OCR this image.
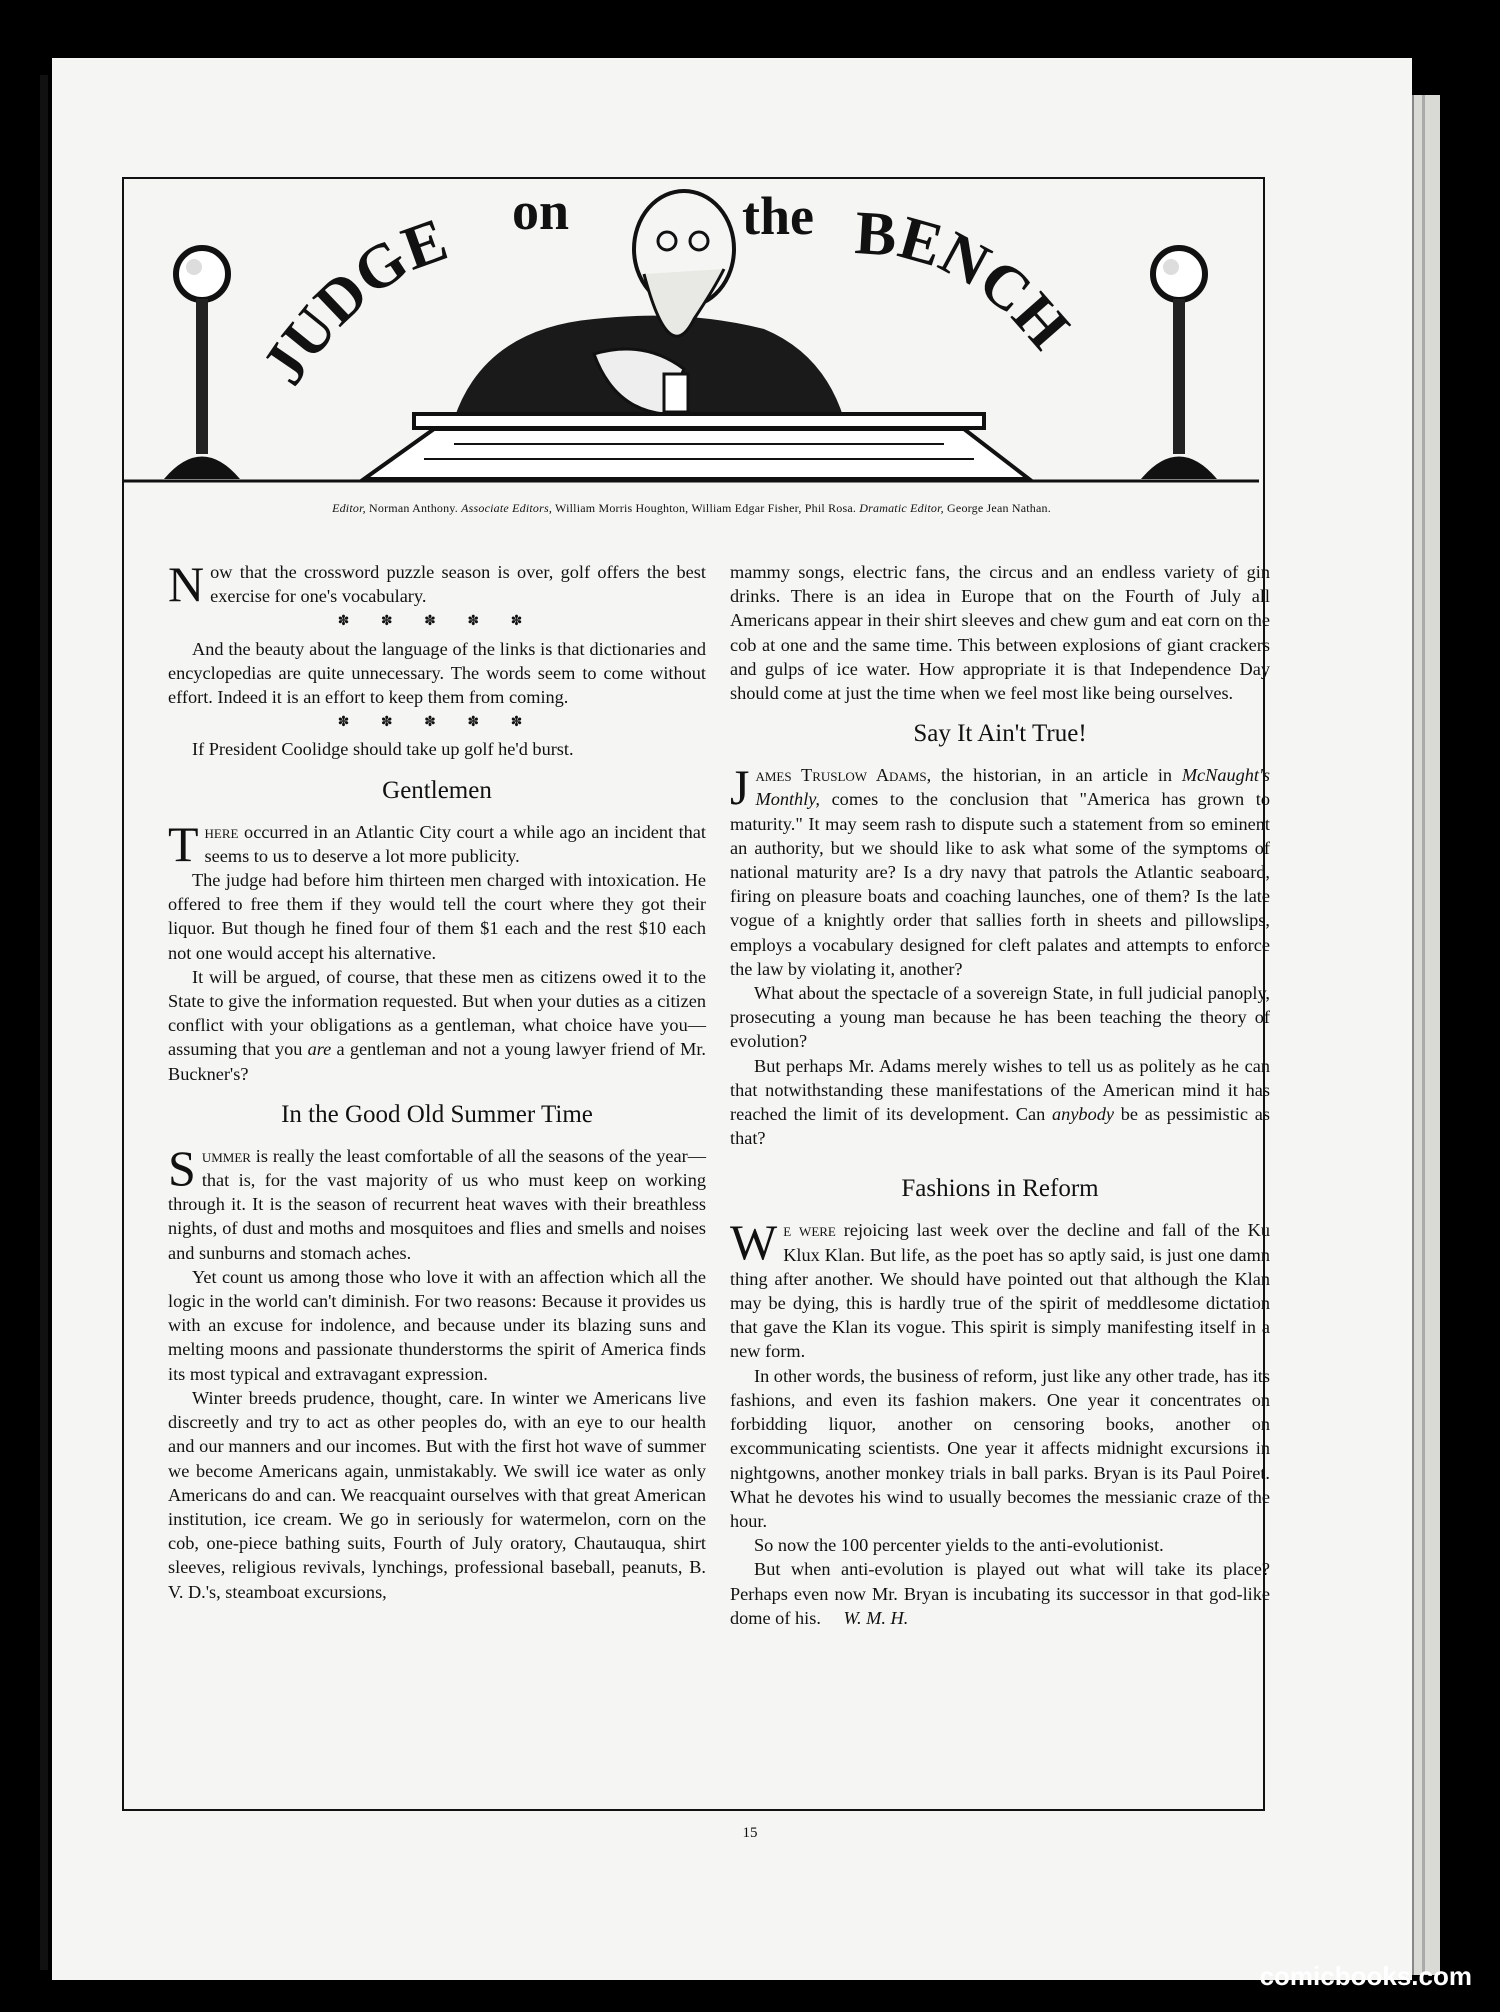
JUDGE on	the BENCH
Editor, Norman Anthony. Associate Editors, William Morris Houghton, William Edgar Fisher, Phil Rosa. Dramatic Editor, George Jean Nathan.

Now that the crossword puzzle season is over, golf offers the best exercise for one's vocabulary.

✽ ✽ ✽ ✽ ✽

And the beauty about the language of the links is that dictionaries and encyclopedias are quite unnecessary. The words seem to come without effort. Indeed it is an effort to keep them from coming.

✽ ✽ ✽ ✽ ✽

If President Coolidge should take up golf he'd burst.

Gentlemen

There occurred in an Atlantic City court a while ago an incident that seems to us to deserve a lot more publicity.

The judge had before him thirteen men charged with intoxication. He offered to free them if they would tell the court where they got their liquor. But though he fined four of them $1 each and the rest $10 each not one would accept his alternative.

It will be argued, of course, that these men as citizens owed it to the State to give the information requested. But when your duties as a citizen conflict with your obligations as a gentleman, what choice have you—assuming that you are a gentleman and not a young lawyer friend of Mr. Buckner's?

In the Good Old Summer Time

Summer is really the least comfortable of all the seasons of the year—that is, for the vast majority of us who must keep on working through it. It is the season of recurrent heat waves with their breathless nights, of dust and moths and mosquitoes and flies and smells and noises and sunburns and stomach aches.

Yet count us among those who love it with an affection which all the logic in the world can't diminish. For two reasons: Because it provides us with an excuse for indolence, and because under its blazing suns and melting moons and passionate thunderstorms the spirit of America finds its most typical and extravagant expression.

Winter breeds prudence, thought, care. In winter we Americans live discreetly and try to act as other peoples do, with an eye to our health and our manners and our incomes. But with the first hot wave of summer we become Americans again, unmistakably. We swill ice water as only Americans do and can. We reacquaint ourselves with that great American institution, ice cream. We go in seriously for watermelon, corn on the cob, one-piece bathing suits, Fourth of July oratory, Chautauqua, shirt sleeves, religious revivals, lynchings, professional baseball, peanuts, B. V. D.'s, steamboat excursions,

mammy songs, electric fans, the circus and an endless variety of gin drinks. There is an idea in Europe that on the Fourth of July all Americans appear in their shirt sleeves and chew gum and eat corn on the cob at one and the same time. This between explosions of giant crackers and gulps of ice water. How appropriate it is that Independence Day should come at just the time when we feel most like being ourselves.

Say It Ain't True!

James Truslow Adams, the historian, in an article in McNaught's Monthly, comes to the conclusion that "America has grown to maturity." It may seem rash to dispute such a statement from so eminent an authority, but we should like to ask what some of the symptoms of national maturity are? Is a dry navy that patrols the Atlantic seaboard, firing on pleasure boats and coaching launches, one of them? Is the late vogue of a knightly order that sallies forth in sheets and pillowslips, employs a vocabulary designed for cleft palates and attempts to enforce the law by violating it, another?

What about the spectacle of a sovereign State, in full judicial panoply, prosecuting a young man because he has been teaching the theory of evolution?

But perhaps Mr. Adams merely wishes to tell us as politely as he can that notwithstanding these manifestations of the American mind it has reached the limit of its development. Can anybody be as pessimistic as that?

Fashions in Reform

We were rejoicing last week over the decline and fall of the Ku Klux Klan. But life, as the poet has so aptly said, is just one damn thing after another. We should have pointed out that although the Klan may be dying, this is hardly true of the spirit of meddlesome dictation that gave the Klan its vogue. This spirit is simply manifesting itself in a new form.

In other words, the business of reform, just like any other trade, has its fashions, and even its fashion makers. One year it concentrates on forbidding liquor, another on censoring books, another on excommunicating scientists. One year it affects midnight excursions in nightgowns, another monkey trials in ball parks. Bryan is its Paul Poiret. What he devotes his wind to usually becomes the messianic craze of the hour.

So now the 100 percenter yields to the anti-evolutionist.

But when anti-evolution is played out what will take its place? Perhaps even now Mr. Bryan is incubating its successor in that god-like dome of his. W. M. H.

15
comicbooks.com
